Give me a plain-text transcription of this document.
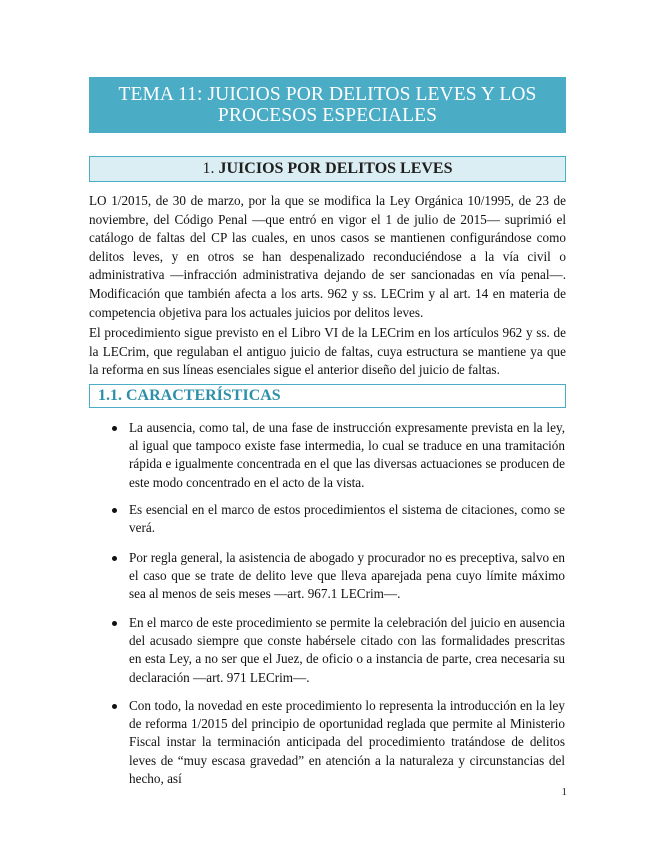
TEMA 11: JUICIOS POR DELITOS LEVES Y LOS PROCESOS ESPECIALES
1. JUICIOS POR DELITOS LEVES

LO 1/2015, de 30 de marzo, por la que se modifica la Ley Orgánica 10/1995, de 23 de noviembre, del Código Penal —que entró en vigor el 1 de julio de 2015— suprimió el catálogo de faltas del CP las cuales, en unos casos se mantienen configurándose como delitos leves, y en otros se han despenalizado reconduciéndose a la vía civil o administrativa —infracción administrativa dejando de ser sancionadas en vía penal—. Modificación que también afecta a los arts. 962 y ss. LECrim y al art. 14 en materia de competencia objetiva para los actuales juicios por delitos leves.

El procedimiento sigue previsto en el Libro VI de la LECrim en los artículos 962 y ss. de la LECrim, que regulaban el antiguo juicio de faltas, cuya estructura se mantiene ya que la reforma en sus líneas esenciales sigue el anterior diseño del juicio de faltas.

1.1. CARACTERÍSTICAS
La ausencia, como tal, de una fase de instrucción expresamente prevista en la ley, al igual que tampoco existe fase intermedia, lo cual se traduce en una tramitación rápida e igualmente concentrada en el que las diversas actuaciones se producen de este modo concentrado en el acto de la vista.
Es esencial en el marco de estos procedimientos el sistema de citaciones, como se verá.
Por regla general, la asistencia de abogado y procurador no es preceptiva, salvo en el caso que se trate de delito leve que lleva aparejada pena cuyo límite máximo sea al menos de seis meses —art. 967.1 LECrim—.
En el marco de este procedimiento se permite la celebración del juicio en ausencia del acusado siempre que conste habérsele citado con las formalidades prescritas en esta Ley, a no ser que el Juez, de oficio o a instancia de parte, crea necesaria su declaración —art. 971 LECrim—.
Con todo, la novedad en este procedimiento lo representa la introducción en la ley de reforma 1/2015 del principio de oportunidad reglada que permite al Ministerio Fiscal instar la terminación anticipada del procedimiento tratándose de delitos leves de “muy escasa gravedad” en atención a la naturaleza y circunstancias del hecho, así
1
